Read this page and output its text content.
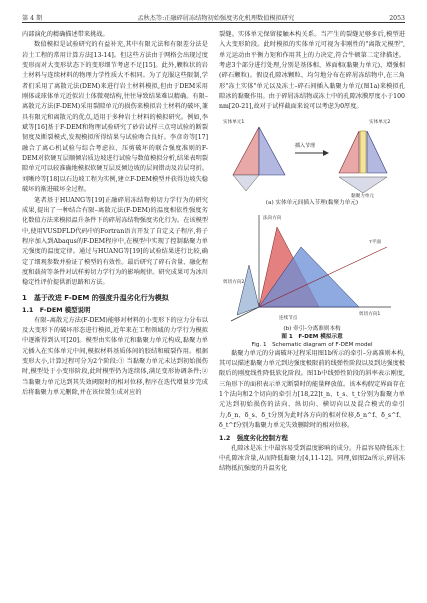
第 4 期	孟秋杰等:正融碎屑冻结物初始强度劣化机理数值模拟研究	2053

内部演化的精确描述带来挑战。

数值模拟是试验研究的有益补充,其中有限元法和有限差分法是岩土工程的常用计算方法[13-14]。但这些方法由于网格会出现过度变形而对大变形状态下的变形细节考虑不足[15]。此外,颗粒状的岩土材料与连续材料的物理力学性质大不相同。为了克服这些限制,学者们采用了离散元法(DEM)来进行岩土材料模拟,但由于DEM采用刚体或球体单元近似岩土体微观结构,往往导致结果难以精确。有限–离散元方法(F-DEM)采用裂隙单元的损伤来模拟岩土材料的破坏,兼具有限元和离散元的优点,适用于多种岩土材料的模拟研究。例如,李斌等[16]基于F-DEM和物理试验研究了砂岩试样三点弯试验的断裂韧度及断裂模式,发现模拟所得结果与试验吻合良好。李彦奇等[17]融合了离心机试验与综合考虑拉、压剪破坏的联合强度准则的F-DEM对软硬互层顺倾岩质边坡进行试验与数值模拟分析,结果表明裂隙单元可以较准确地模拟软硬互层反倾边坡的层间错动及岩层弯折。刘晰玲等[18]以石边坡工程为实例,建立F-DEM模型并获得边坡失稳破坏的渐进破坏全过程。

笔者基于HUANG等[19]正融碎屑冻结物剪切力学行为的研究成果,提出了一种结合有限–离散元法(F-DEM)的温度相依性强度劣化数值方法来模拟温升条件下的碎屑冻结物强度劣化行为。在该模型中,使用VUSDFLD代码中的Fortran语言开发了自定义子程序,将子程序加入到Abaqus的F-DEM程序中,在模型中实现了控制黏聚力单元强度的温度定律。通过与HUANG等[19]的试验结果进行比较,确定了细观参数并验证了模型的有效性。最后研究了碎石含量、融化程度和载荷等条件对试样剪切力学行为的影响规律。研究成果可为冰川稳定性评价提供新思路和方法。

1　基于改进 F-DEM 的强度升温劣化行为模拟
1.1　F-DEM 模型说明

有限–离散元方法(F-DEM)能够对材料的小变形下的应力分布以及大变形下的破坏形态进行模拟,近年来在工程领域的力学行为模拟中逐渐得到认可[20]。模型由实体单元和黏聚力单元构成,黏聚力单元插入在实体单元中间,模拟材料基质体间的胶结和破裂作用。根据变形大小,计算过程可分为2个阶段:① 当黏聚力单元未达到初始损伤时,模型处于小变形阶段,此时模型仍为连续体,满足变形协调条件;② 当黏聚力单元达到其失效阈限时的相对位移,程序在迭代增量步完成后将黏聚力单元删除,并在该位置生成对应的

裂缝。实体单元保留接触本构关系。当产生的裂缝足够多后,模型进入大变形阶段。此时模拟的实体单元可视为非刚性的"离散元模型",单元运动由平衡力矩和作用其上的力决定,符合牛顿第二定律描述。考虑3个部分进行处理,分别是基体相、界面相(黏聚力单元)、增强相(碎石颗粒)。假设孔隙冰颗粒、均匀地分布在碎屑冻结物中,在三角形"冻土实体"单元以及冻土–碎石间插入黏聚力单元(图1a)来模拟孔隙冰的黏聚作用。由于碎屑冻结物或冻土中的孔隙冰膜厚度小于100 nm[20-21],故对于试样截面来说可以考虑为0厚度。

插入节理
实体单元1	实体单元2
黏聚力单元
(a) 实体单元间插入节理(黏聚力单元)
τ平面
法向方向
剪切方向2
剪切方向1
连续节点
(b) 牵引–分离准则本构
图 1　F-DEM 模拟示意
Fig. 1　Schematic diagram of F-DEM model

黏聚力单元的分离破坏过程采用图1b所示的牵引–分离准则本构,其可以描述黏聚力单元到达强度极限前的线弹性阶段以及到达强度极限后的刚度线性降低软化阶段。图1b中线弹性阶段的斜率表示刚度,三角形下的面积表示单元断裂时的能量释放值。该本构假定界面存在1个法向和2个切向的牵引力[18,22]t_n、t_s、t_t分别为黏聚力单元达到初始损伤的法向、纵切向、横切向以及混合模式的牵引力,δ_n、δ_s、δ_t分别为此时各方向的相对位移,δ_n^f、δ_s^f、δ_t^f分别为黏聚力单元失效删除时的相对位移。

1.2　强度劣化控制方程

孔隙冰是冻土中最容易受到温度影响的成分。升温容易降低冻土中孔隙冰含量,从而降低黏聚力[4,11-12]。同理,如图2a所示,碎屑冻结物抵抗强度的升温劣化
